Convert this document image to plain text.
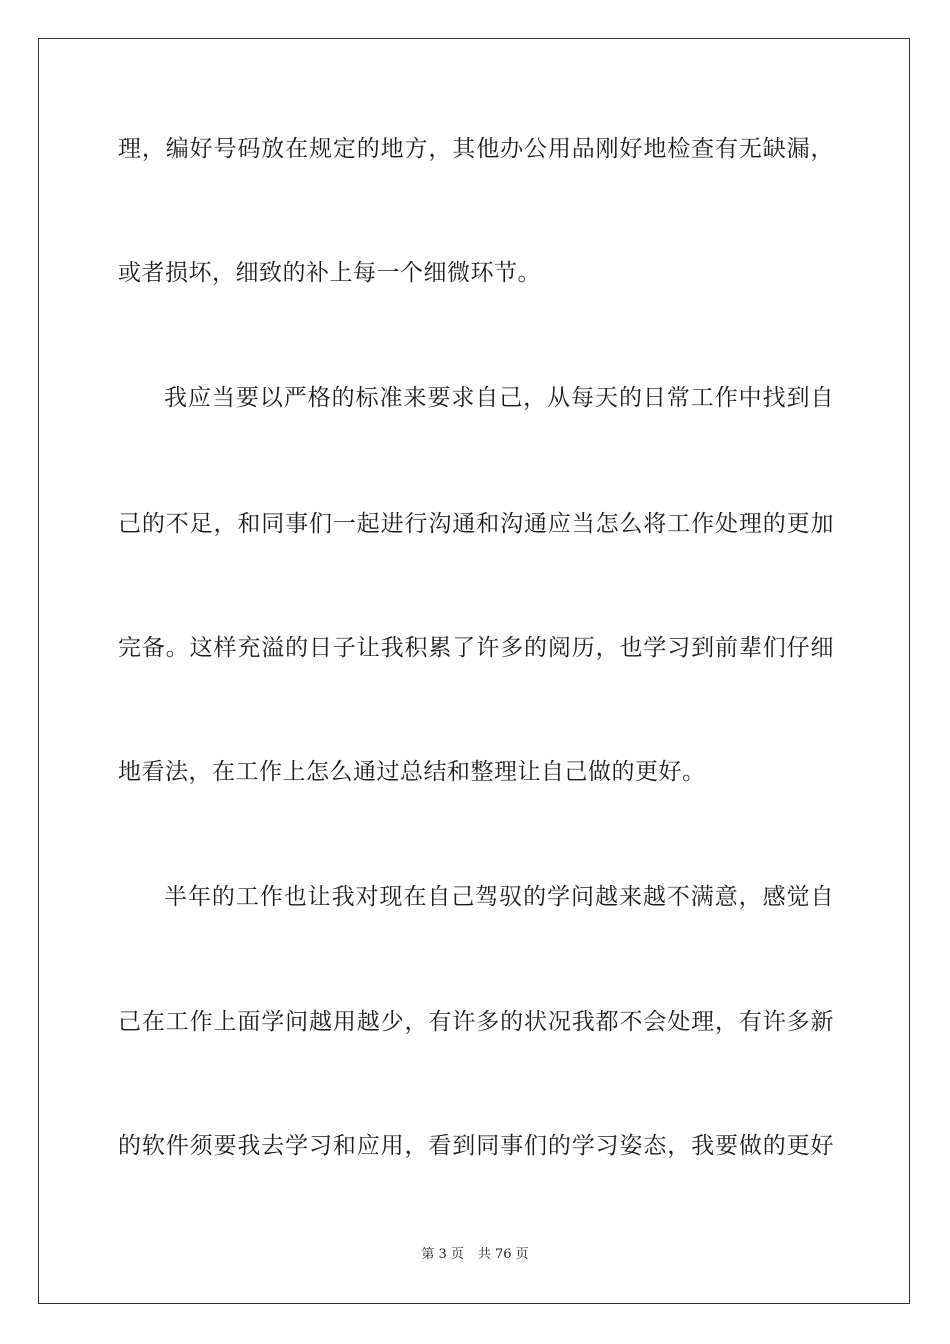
理，编好号码放在规定的地方，其他办公用品刚好地检查有无缺漏，
或者损坏，细致的补上每一个细微环节。
我应当要以严格的标准来要求自己，从每天的日常工作中找到自
己的不足，和同事们一起进行沟通和沟通应当怎么将工作处理的更加
完备。这样充溢的日子让我积累了许多的阅历，也学习到前辈们仔细
地看法，在工作上怎么通过总结和整理让自己做的更好。
半年的工作也让我对现在自己驾驭的学问越来越不满意，感觉自
己在工作上面学问越用越少，有许多的状况我都不会处理，有许多新
的软件须要我去学习和应用，看到同事们的学习姿态，我要做的更好
第 3 页 共 76 页
